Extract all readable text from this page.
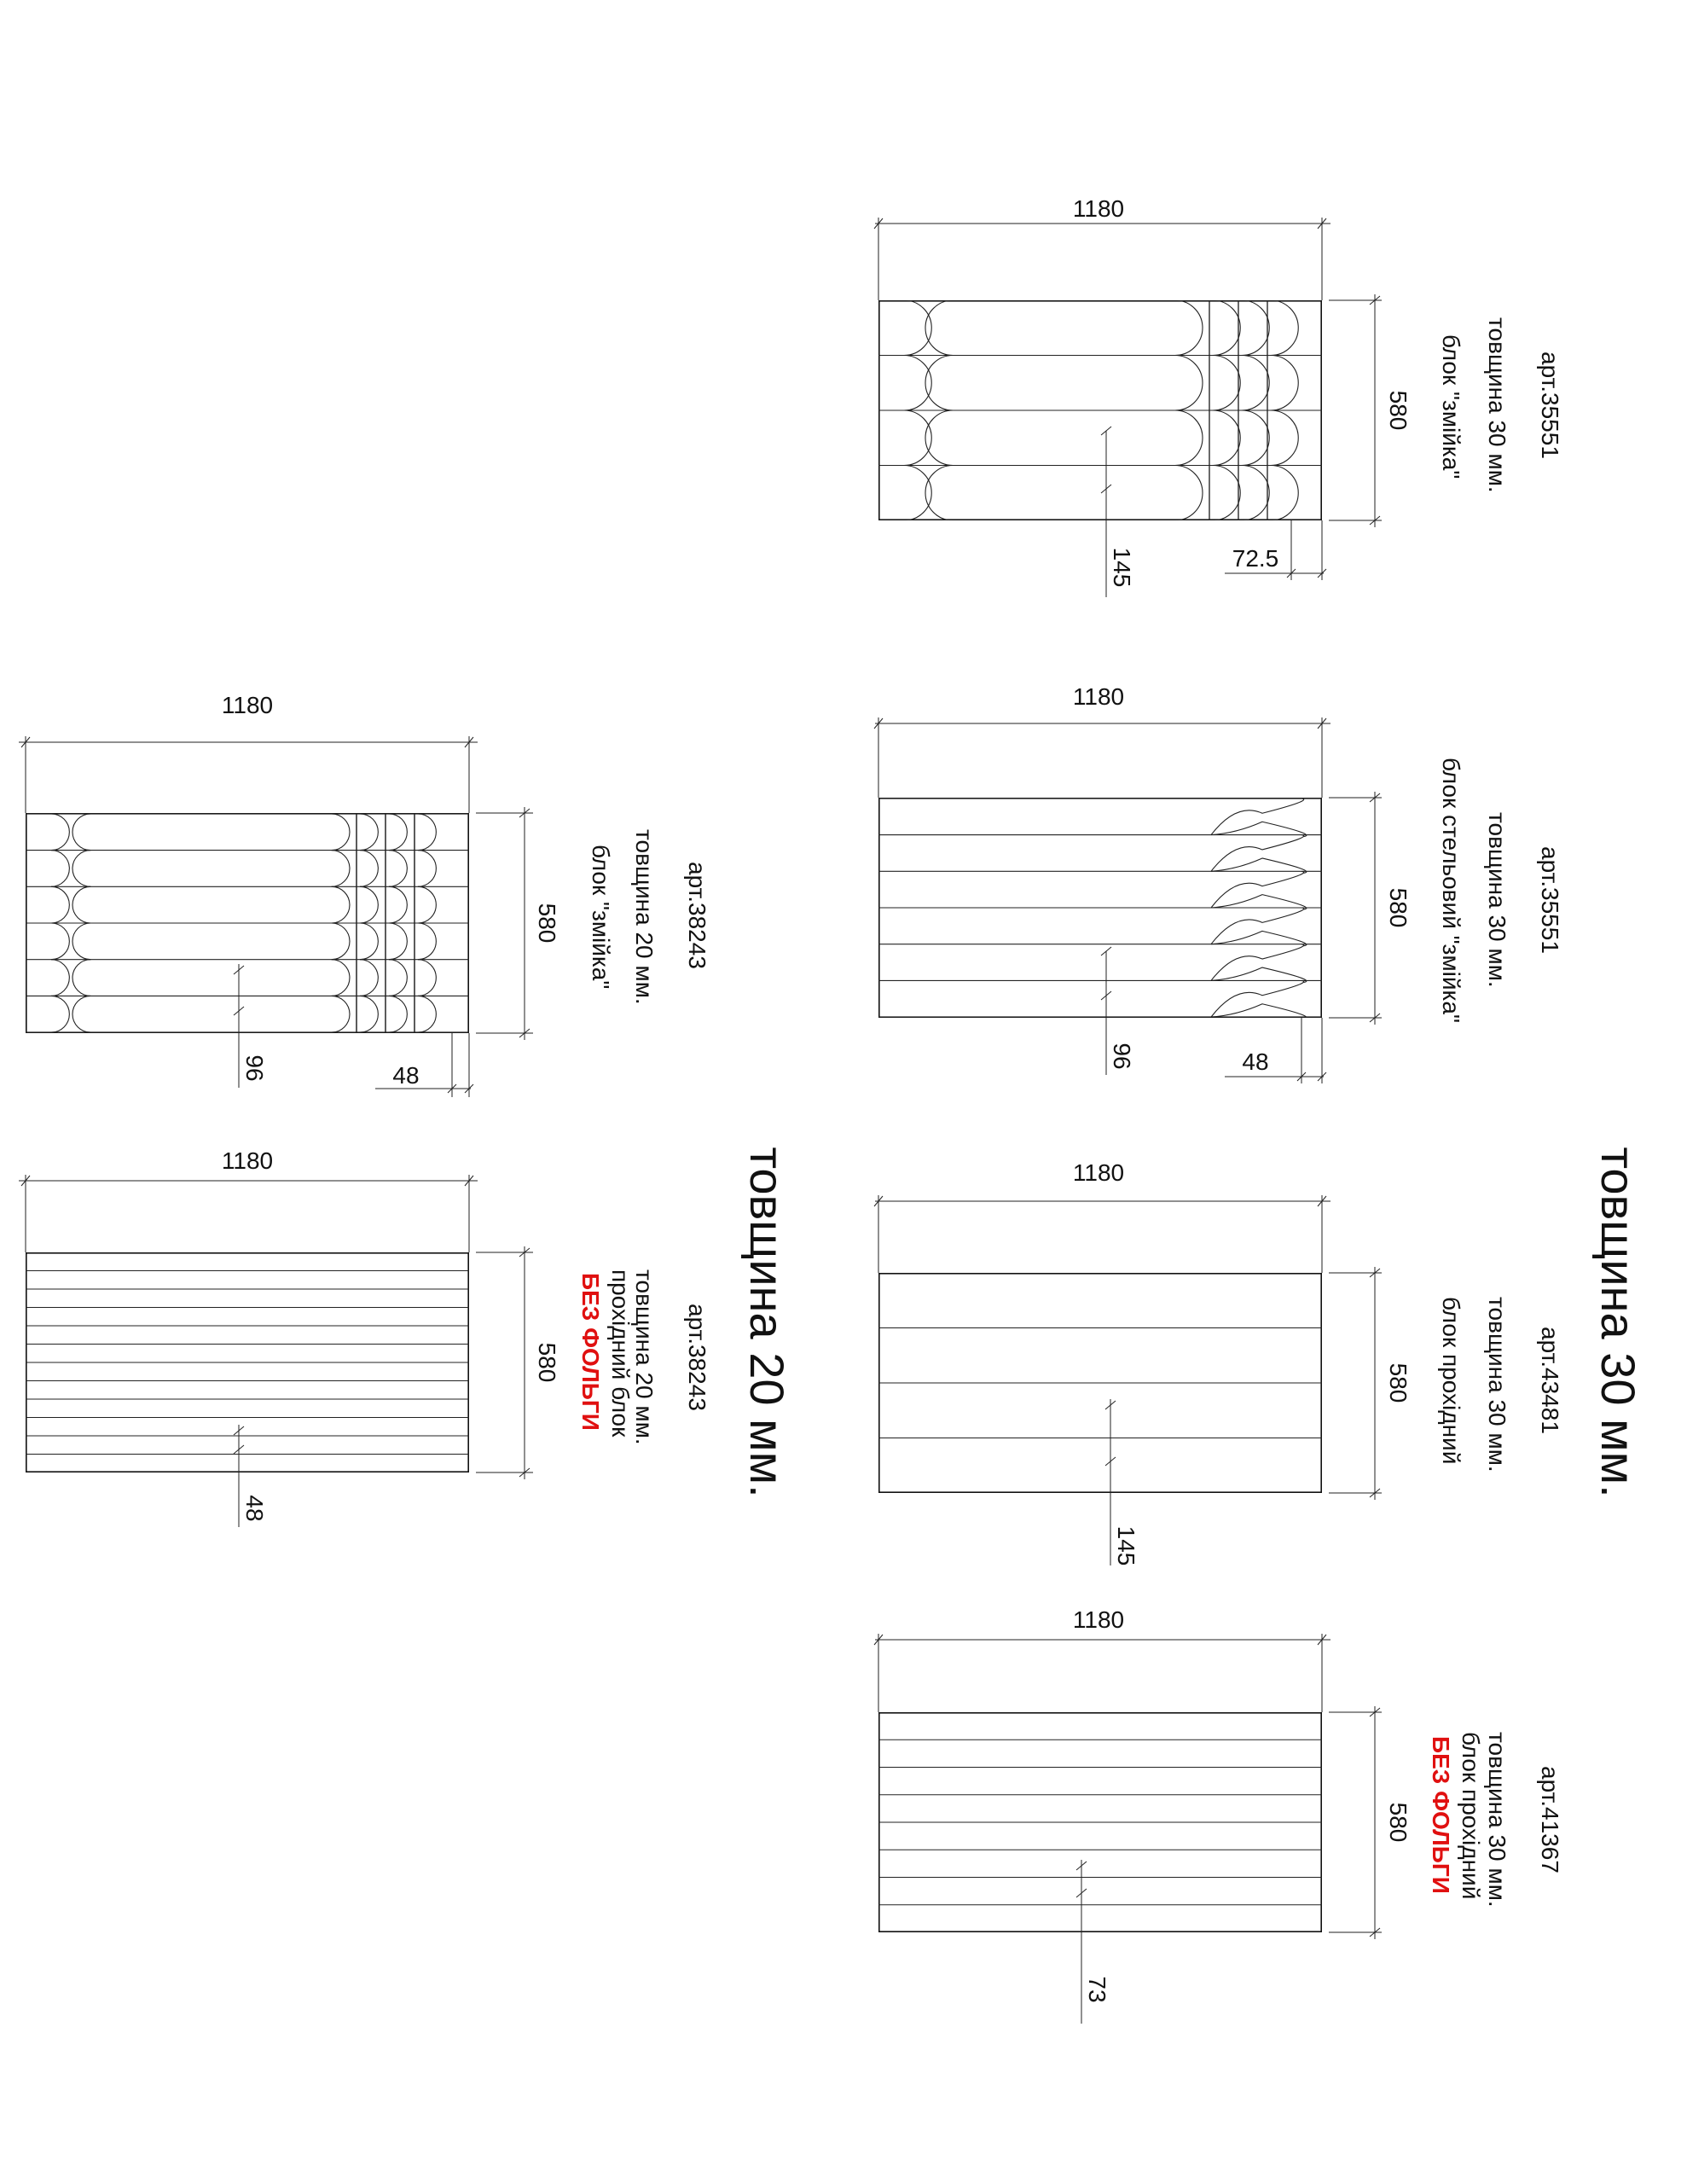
товщина 30 мм.
товщина 20 мм.
1180
580	арт.35551
товщина 30 мм.
блок "змійка"
145	72.5
1180
580	арт.35551
товщина 30 мм.
блок стельовий "змійка"
96	48
1180
580	арт.43481
товщина 30 мм.
блок прохідний
145
1180
580	арт.41367
товщина 30 мм.
блок прохідний
БЕЗ ФОЛЬГИ
73
1180
580	арт.38243
товщина 20 мм.
блок "змійка"
96	48
1180
580	арт.38243
товщина 20 мм.
прохідний блок
БЕЗ ФОЛЬГИ
48
